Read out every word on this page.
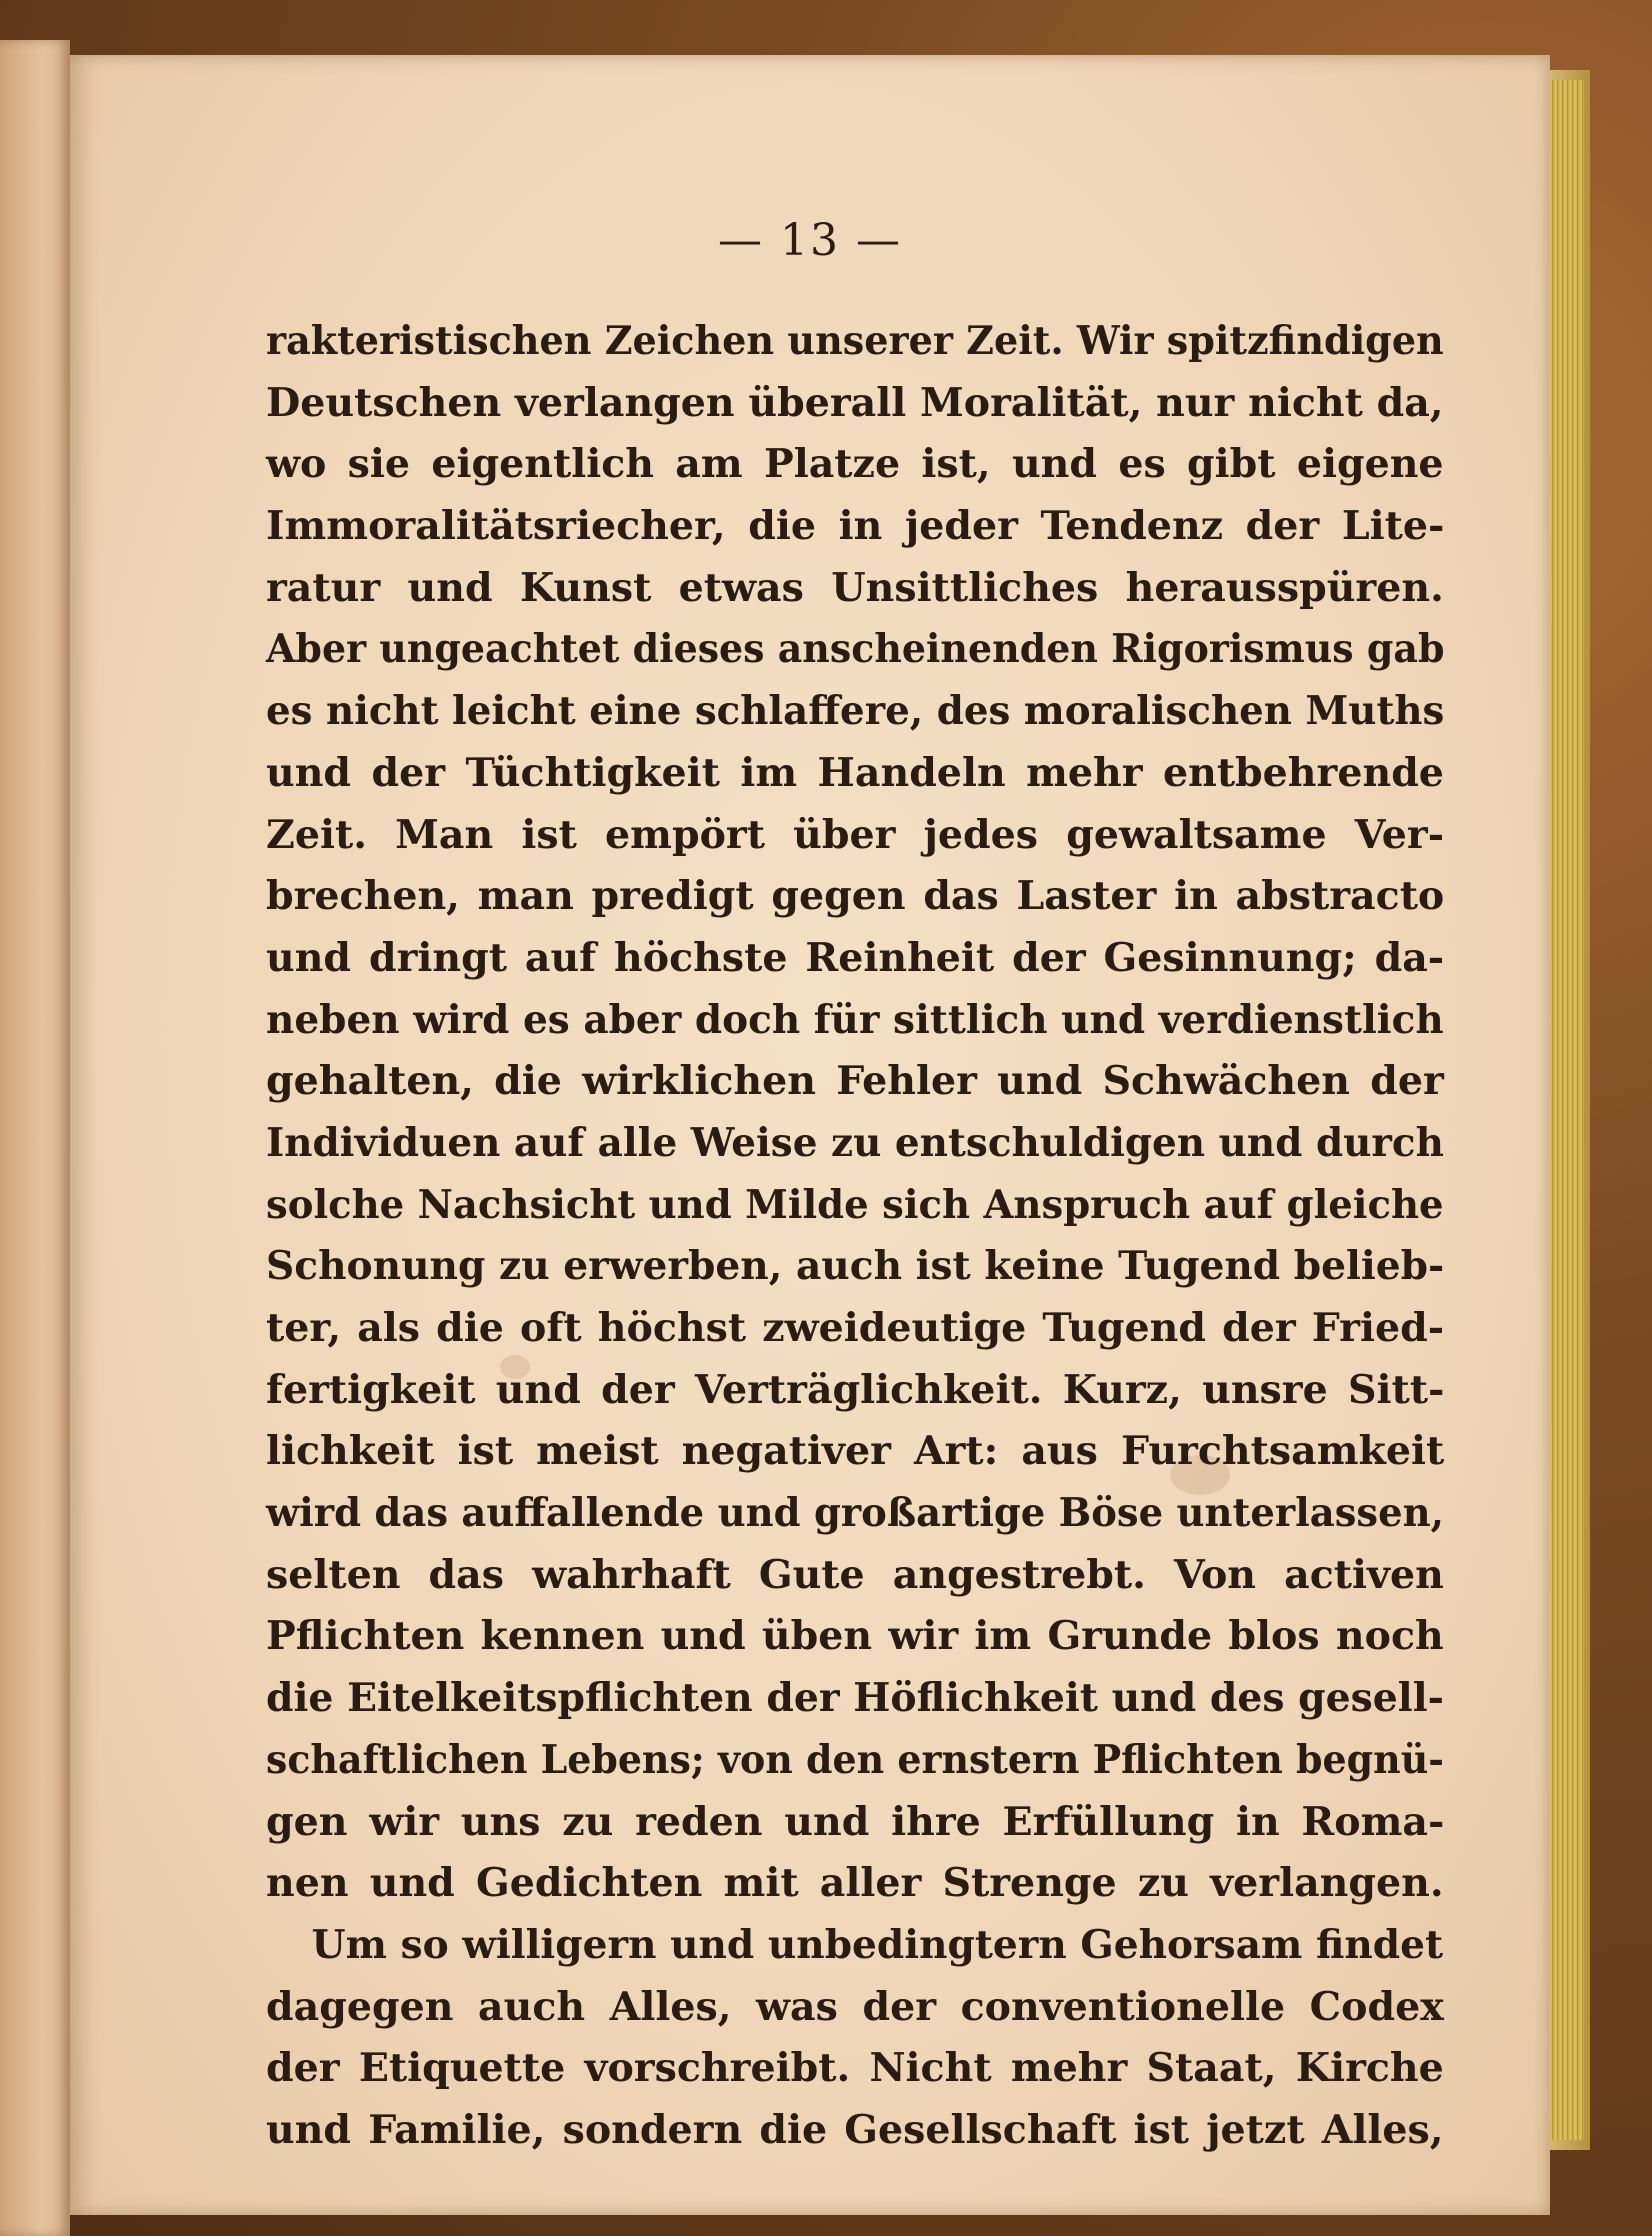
— 13 —
rakteristischen Zeichen unserer Zeit. Wir spitzfindigen
Deutschen verlangen überall Moralität, nur nicht da,
wo sie eigentlich am Platze ist, und es gibt eigene
Immoralitätsriecher, die in jeder Tendenz der Lite-
ratur und Kunst etwas Unsittliches herausspüren.
Aber ungeachtet dieses anscheinenden Rigorismus gab
es nicht leicht eine schlaffere, des moralischen Muths
und der Tüchtigkeit im Handeln mehr entbehrende
Zeit. Man ist empört über jedes gewaltsame Ver-
brechen, man predigt gegen das Laster in abstracto
und dringt auf höchste Reinheit der Gesinnung; da-
neben wird es aber doch für sittlich und verdienstlich
gehalten, die wirklichen Fehler und Schwächen der
Individuen auf alle Weise zu entschuldigen und durch
solche Nachsicht und Milde sich Anspruch auf gleiche
Schonung zu erwerben, auch ist keine Tugend belieb-
ter, als die oft höchst zweideutige Tugend der Fried-
fertigkeit und der Verträglichkeit. Kurz, unsre Sitt-
lichkeit ist meist negativer Art: aus Furchtsamkeit
wird das auffallende und großartige Böse unterlassen,
selten das wahrhaft Gute angestrebt. Von activen
Pflichten kennen und üben wir im Grunde blos noch
die Eitelkeitspflichten der Höflichkeit und des gesell-
schaftlichen Lebens; von den ernstern Pflichten begnü-
gen wir uns zu reden und ihre Erfüllung in Roma-
nen und Gedichten mit aller Strenge zu verlangen.
Um so willigern und unbedingtern Gehorsam findet
dagegen auch Alles, was der conventionelle Codex
der Etiquette vorschreibt. Nicht mehr Staat, Kirche
und Familie, sondern die Gesellschaft ist jetzt Alles,
